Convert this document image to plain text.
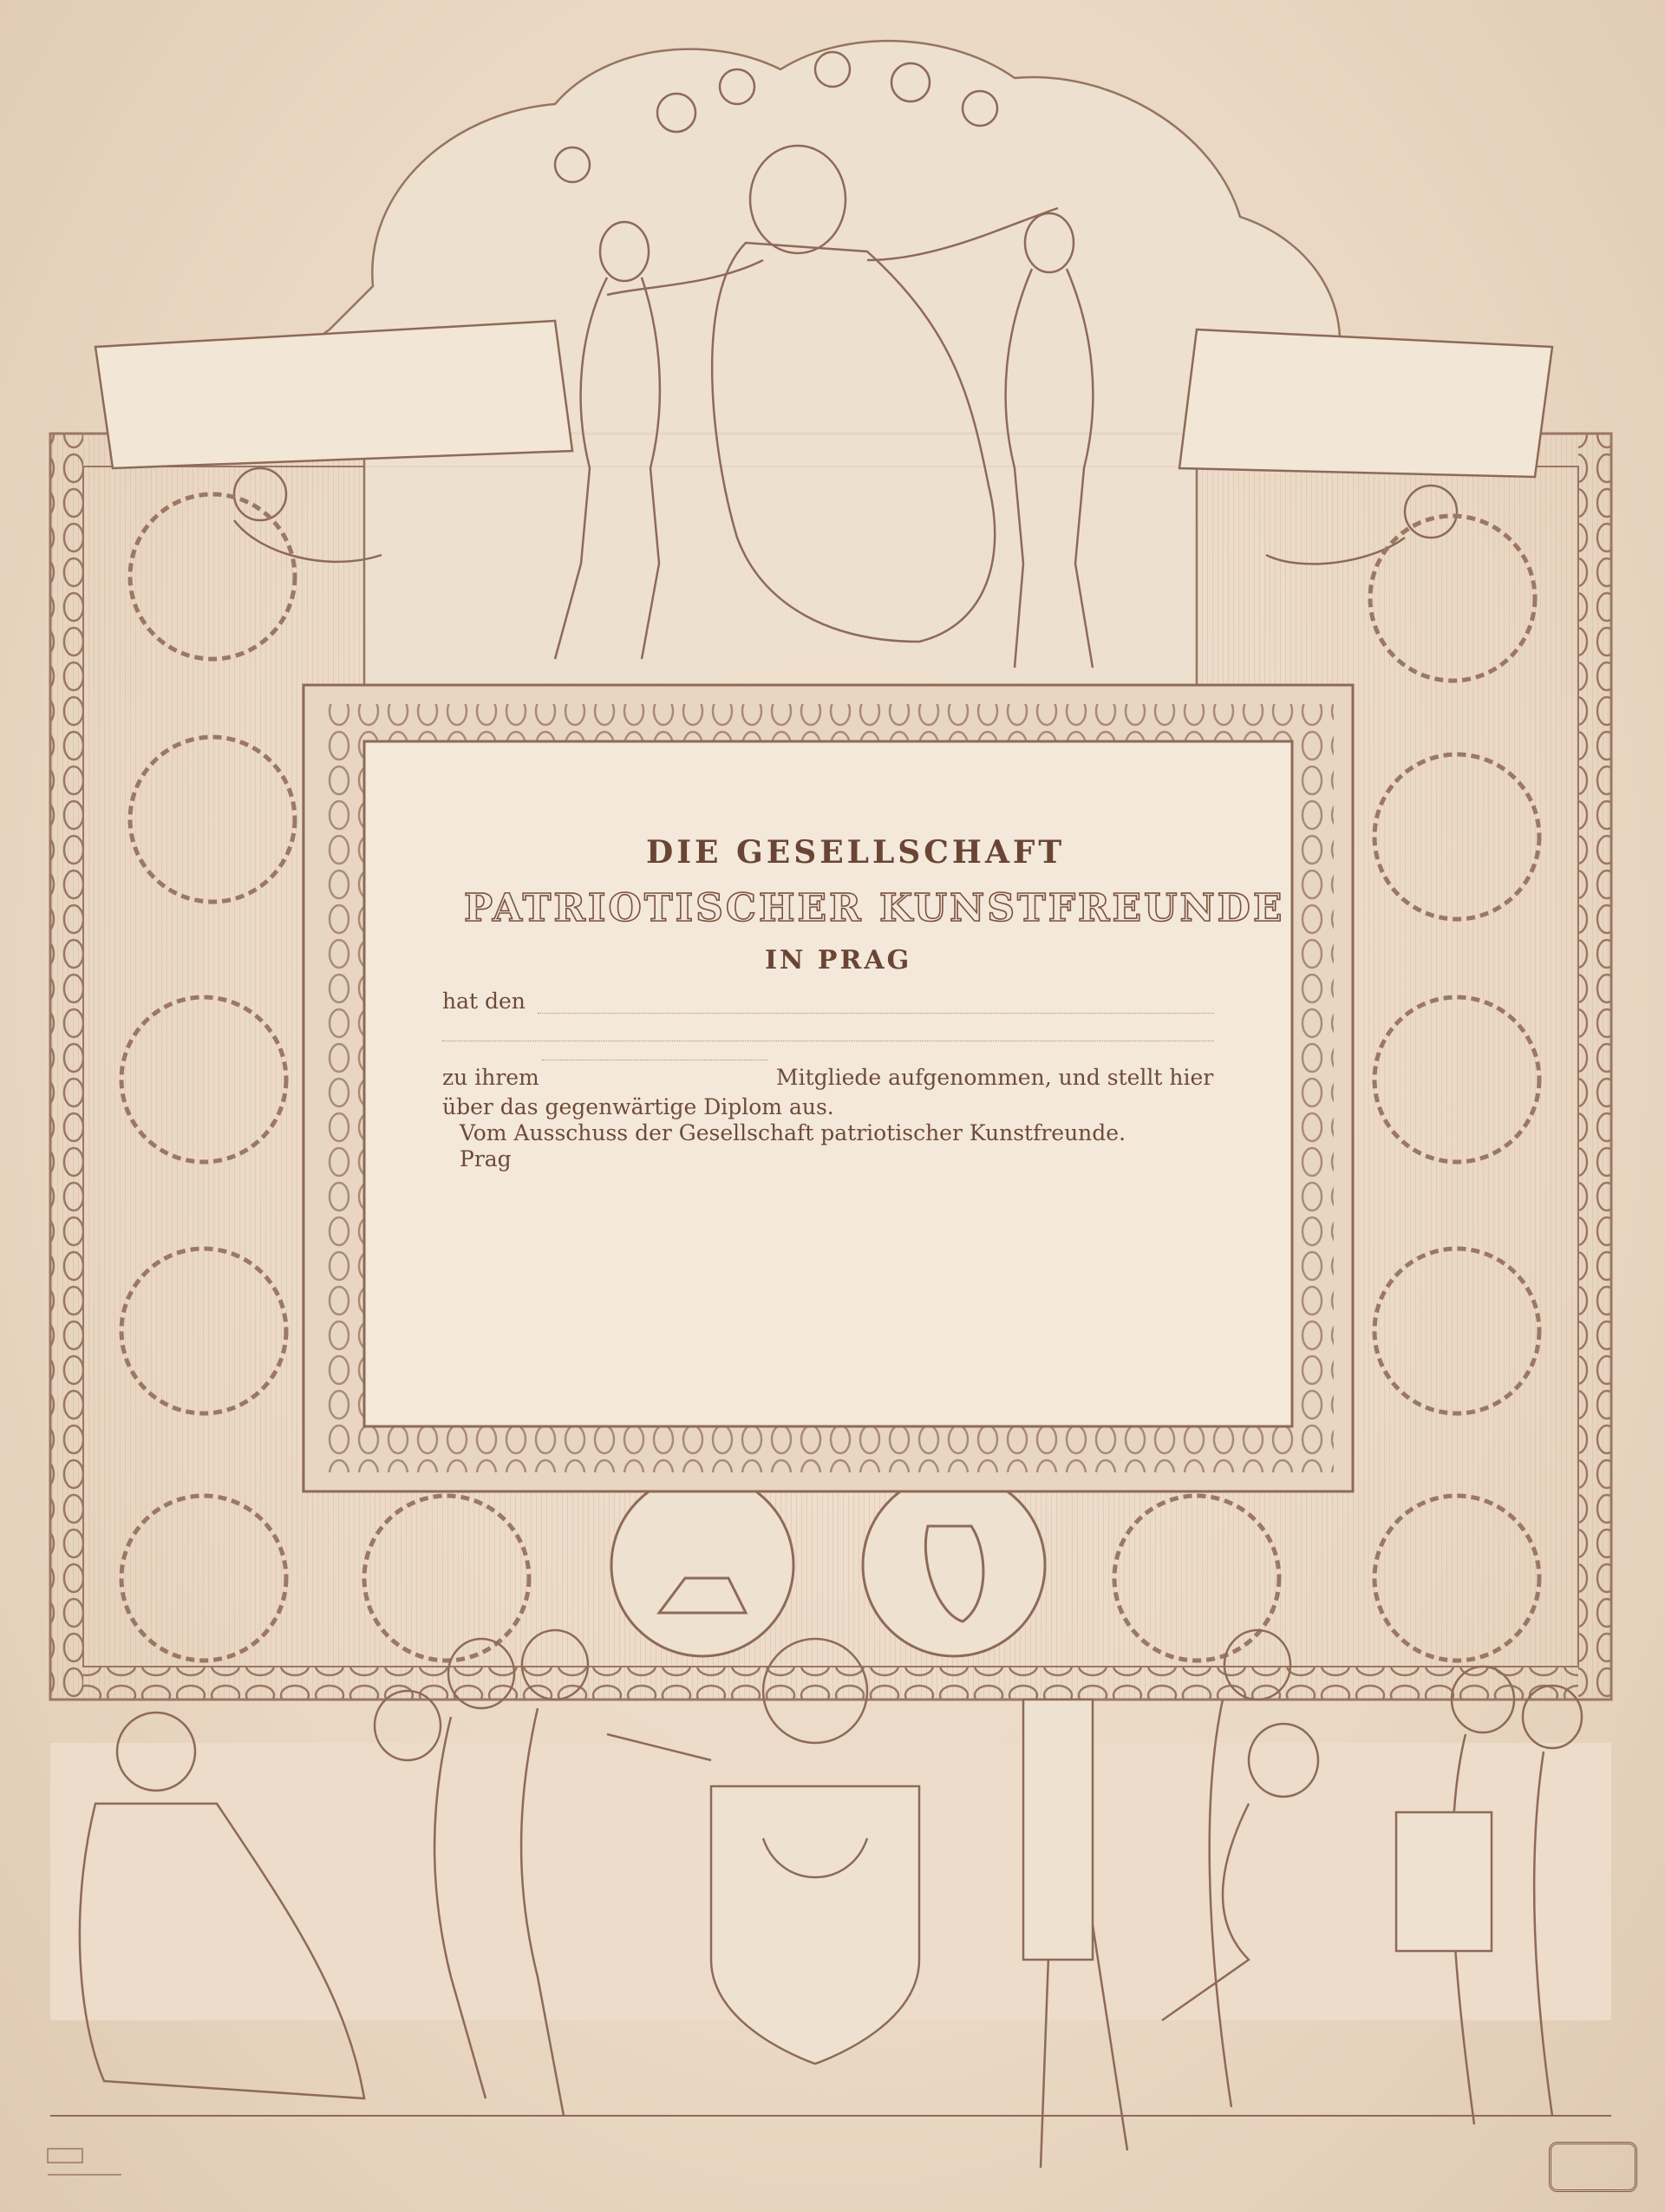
DIE GESELLSCHAFT
PATRIOTISCHER KUNSTFREUNDE
IN PRAG
hat den
zu ihrem	Mitgliede aufgenommen, und stellt hier
über das gegenwärtige Diplom aus.
Vom Ausschuss der Gesellschaft patriotischer Kunstfreunde.
Prag
